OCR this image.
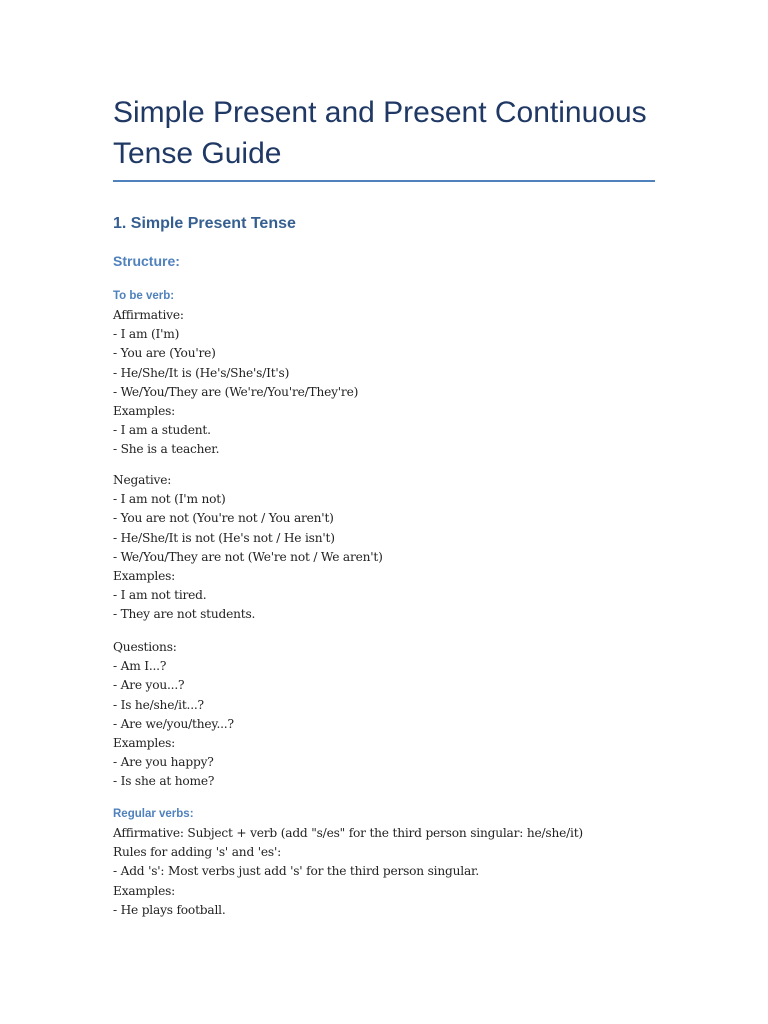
Simple Present and Present Continuous Tense Guide
1. Simple Present Tense
Structure:
To be verb:
Affirmative:
- I am (I'm)
- You are (You're)
- He/She/It is (He's/She's/It's)
- We/You/They are (We're/You're/They're)
Examples:
- I am a student.
- She is a teacher.
Negative:
- I am not (I'm not)
- You are not (You're not / You aren't)
- He/She/It is not (He's not / He isn't)
- We/You/They are not (We're not / We aren't)
Examples:
- I am not tired.
- They are not students.
Questions:
- Am I...?
- Are you...?
- Is he/she/it...?
- Are we/you/they...?
Examples:
- Are you happy?
- Is she at home?
Regular verbs:
Affirmative: Subject + verb (add "s/es" for the third person singular: he/she/it)
Rules for adding 's' and 'es':
- Add 's': Most verbs just add 's' for the third person singular.
Examples:
- He plays football.
